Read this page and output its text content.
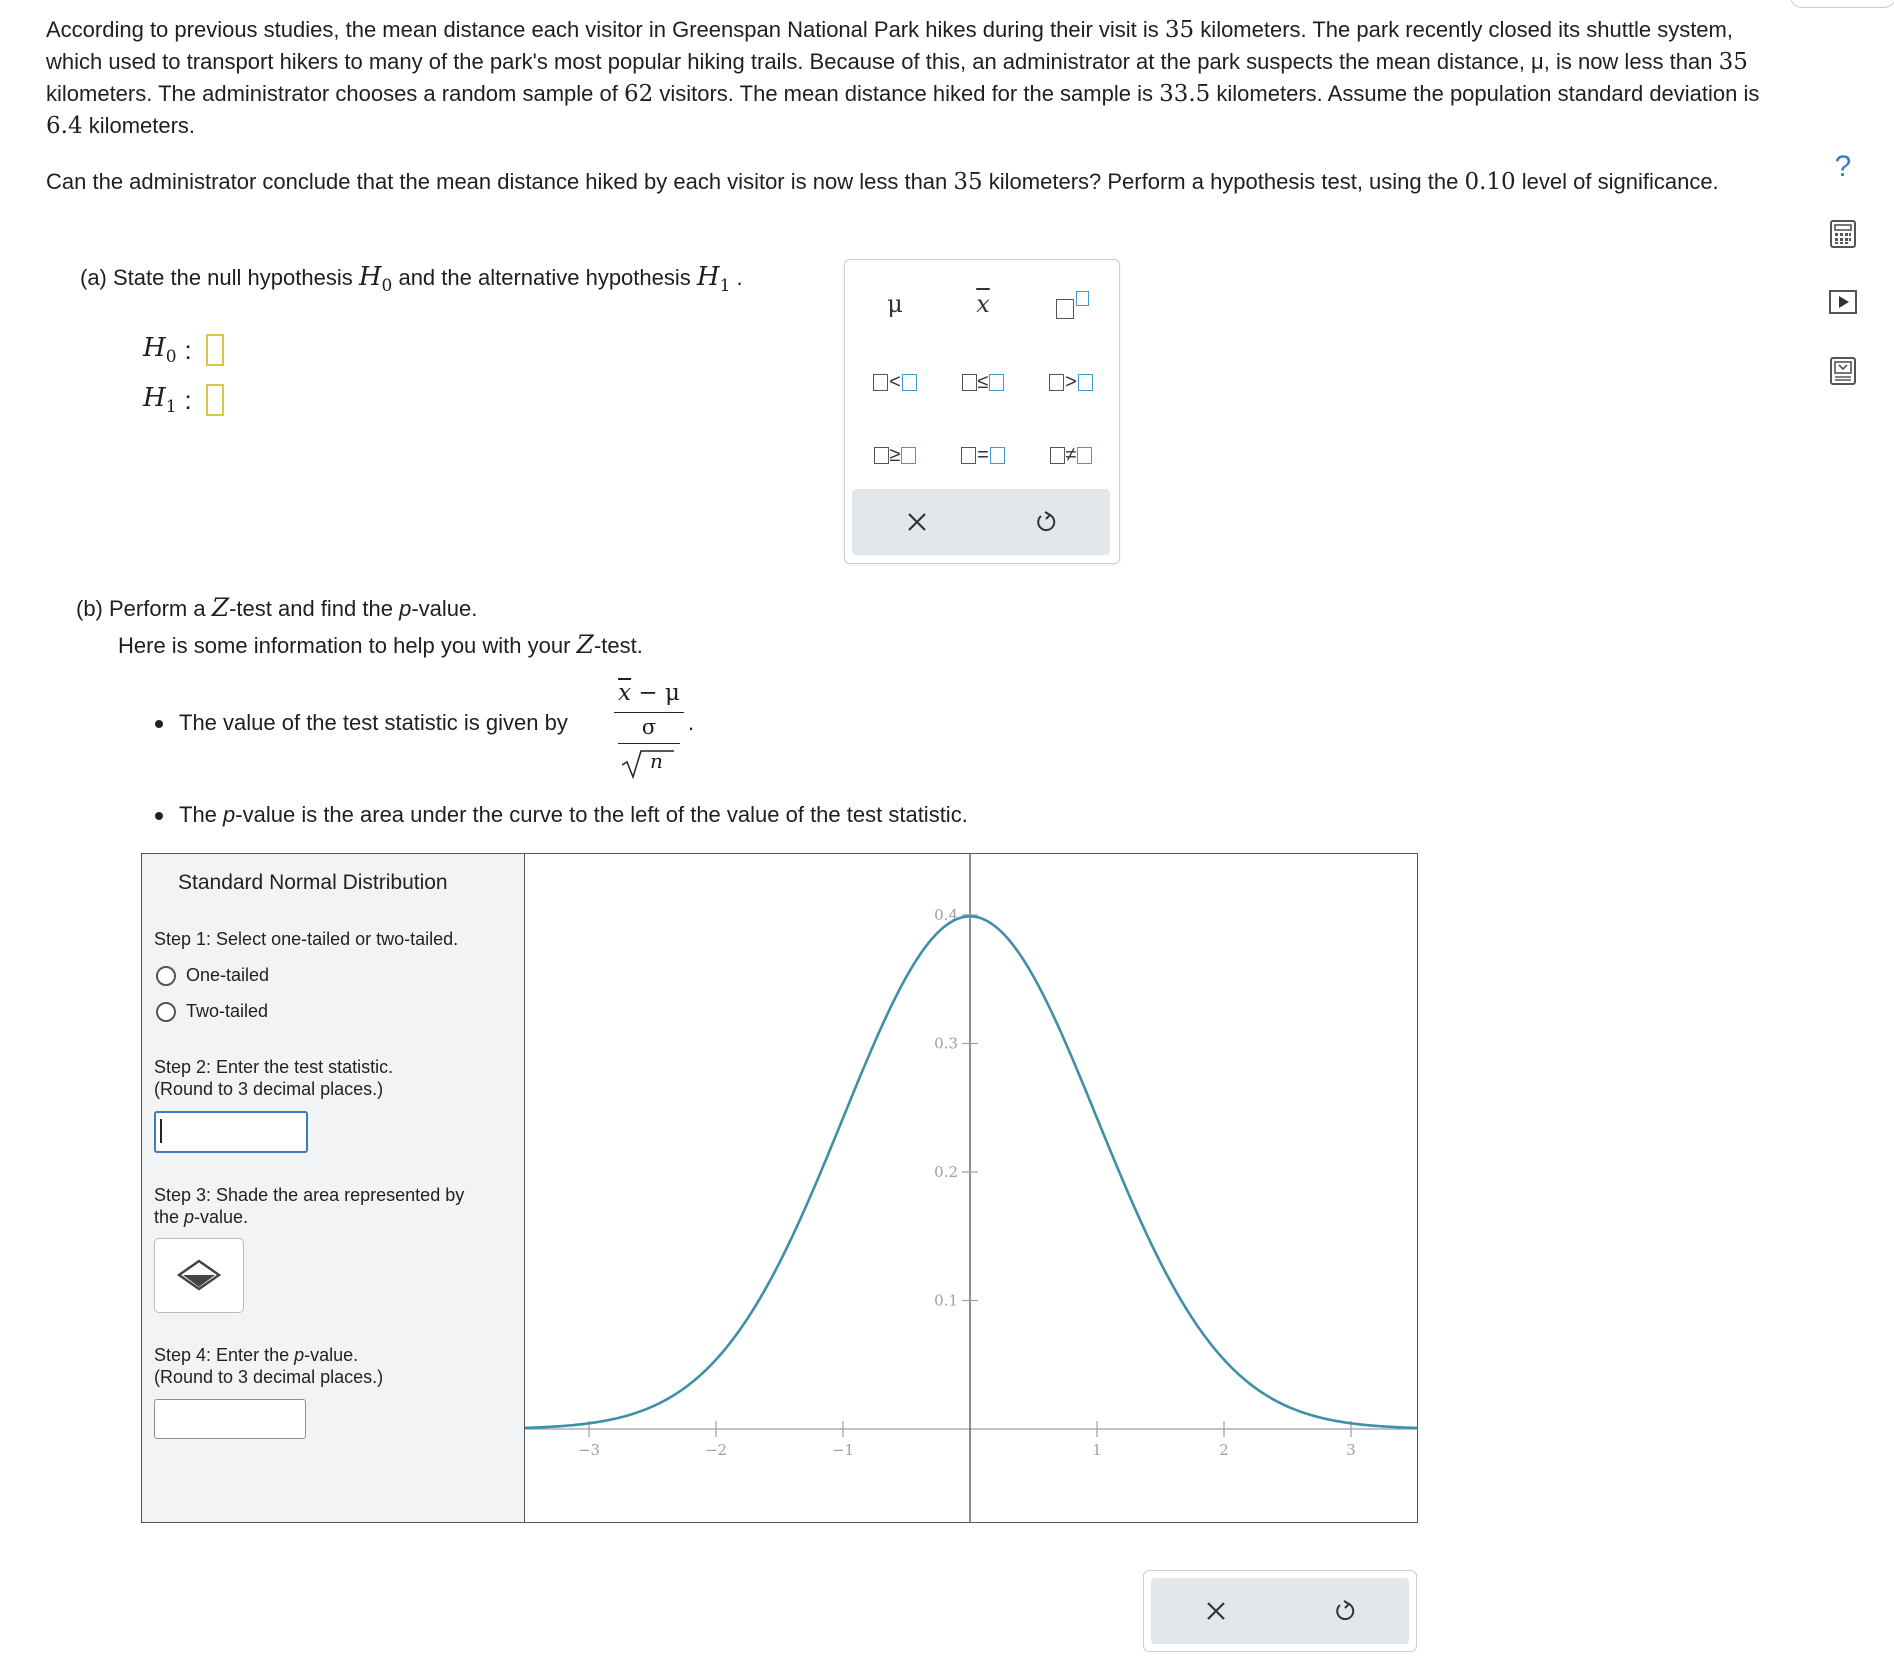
According to previous studies, the mean distance each visitor in Greenspan National Park hikes during their visit is 35 kilometers. The park recently closed its shuttle system, which used to transport hikers to many of the park's most popular hiking trails. Because of this, an administrator at the park suspects the mean distance, μ, is now less than 35 kilometers. The administrator chooses a random sample of 62 visitors. The mean distance hiked for the sample is 33.5 kilometers. Assume the population standard deviation is 6.4 kilometers.
Can the administrator conclude that the mean distance hiked by each visitor is now less than 35 kilometers? Perform a hypothesis test, using the 0.10 level of significance.
(a) State the null hypothesis $H_0$ and the alternative hypothesis $H_1$ .
$H_0$ :
$H_1$ :
μ	$\overline{x}$
<	≤	>
≥	=	≠
(b) Perform a Z-test and find the p-value.
Here is some information to help you with your Z-test.
The value of the test statistic is given by
$\overline{x} - \mu$
σ
n
.
The p-value is the area under the curve to the left of the value of the test statistic.
Standard Normal Distribution
Step 1: Select one-tailed or two-tailed.
One-tailed
Two-tailed
Step 2: Enter the test statistic.
(Round to 3 decimal places.)
Step 3: Shade the area represented by
the p-value.
Step 4: Enter the p-value.
(Round to 3 decimal places.)
−3	−2	−1	1	2	3
0.4
0.3
0.2
0.1
?
